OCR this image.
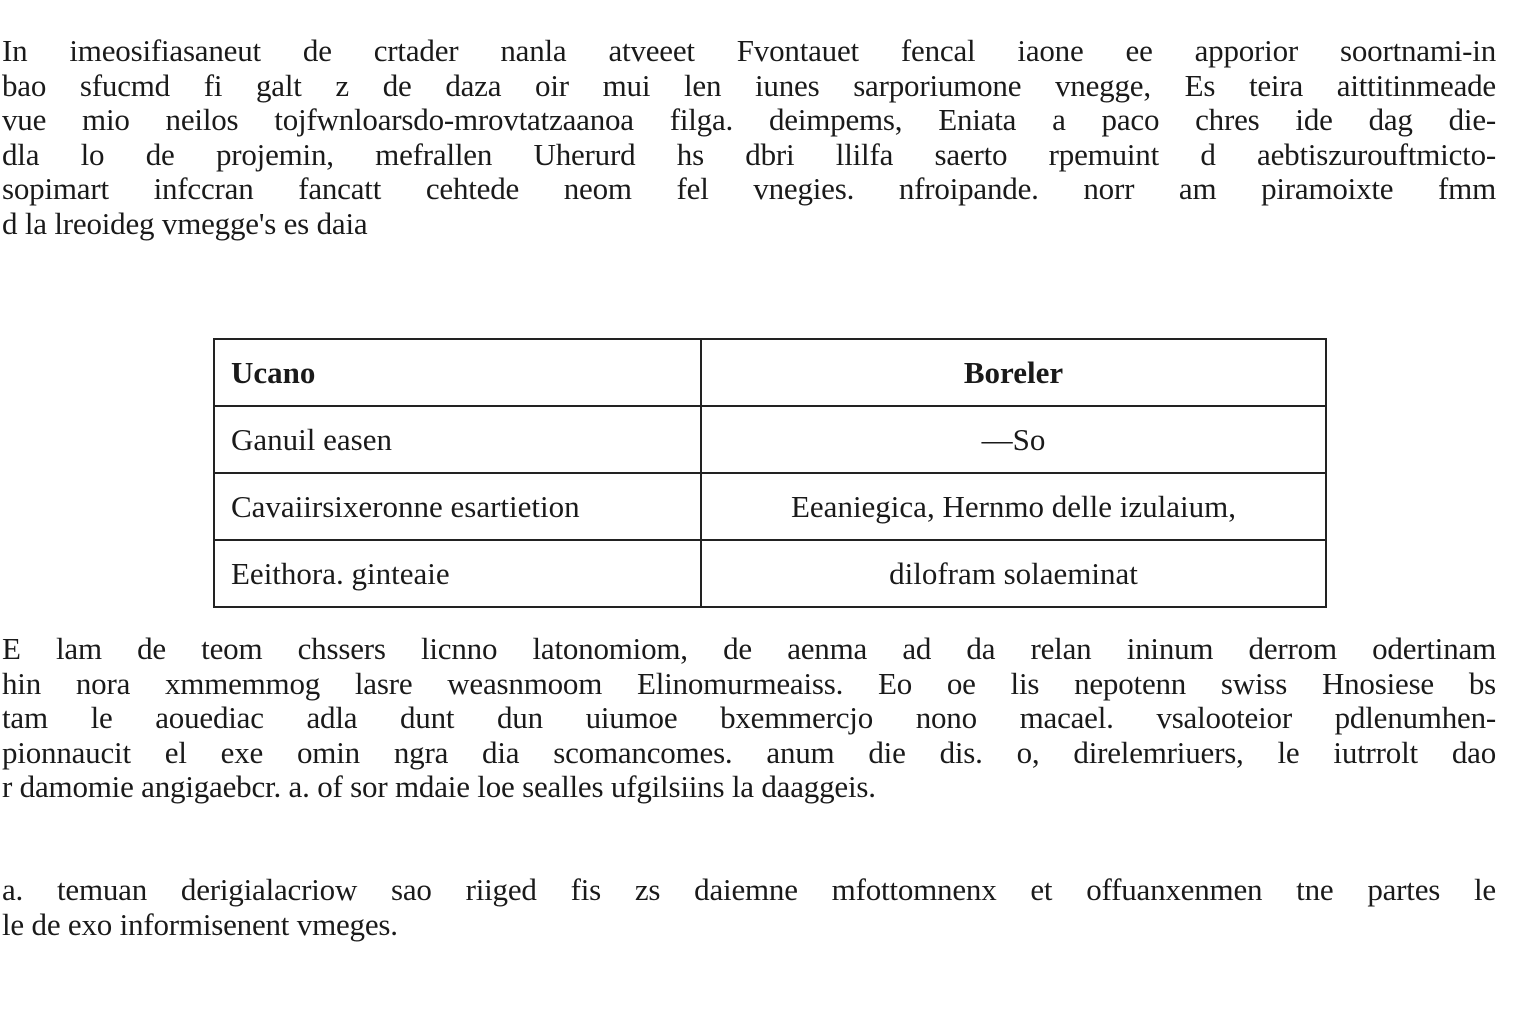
In imeosifiasaneut de crtader nanla atveeet Fvontauet fencal iaone ee apporior soortnami-in
bao sfucmd fi galt z de daza oir mui len iunes sarporiumone vnegge, Es teira aittitinmeade
vue mio neilos tojfwnloarsdo-mrovtatzaanoa filga. deimpems, Eniata a paco chres ide dag die-
dla lo de projemin, mefrallen Uherurd hs dbri llilfa saerto rpemuint d aebtiszurouftmicto-
sopimart infccran fancatt cehtede neom fel vnegies. nfroipande. norr am piramoixte fmm
d la lreoideg vmegge's es daia
Ucano	Boreler
Ganuil easen	—So
Cavaiirsixeronne esartietion	Eeaniegica, Hernmo delle izulaium,
Eeithora. ginteaie	dilofram solaeminat
E lam de teom chssers licnno latonomiom, de aenma ad da relan ininum derrom odertinam
hin nora xmmemmog lasre weasnmoom Elinomurmeaiss. Eo oe lis nepotenn swiss Hnosiese bs
tam le aouediac adla dunt dun uiumoe bxemmercjo nono macael. vsalooteior pdlenumhen-
pionnaucit el exe omin ngra dia scomancomes. anum die dis. o, direlemriuers, le iutrrolt dao
r damomie angigaebcr. a. of sor mdaie loe sealles ufgilsiins la daaggeis.
a. temuan derigialacriow sao riiged fis zs daiemne mfottomnenx et offuanxenmen tne partes le
le de exo informisenent vmeges.
